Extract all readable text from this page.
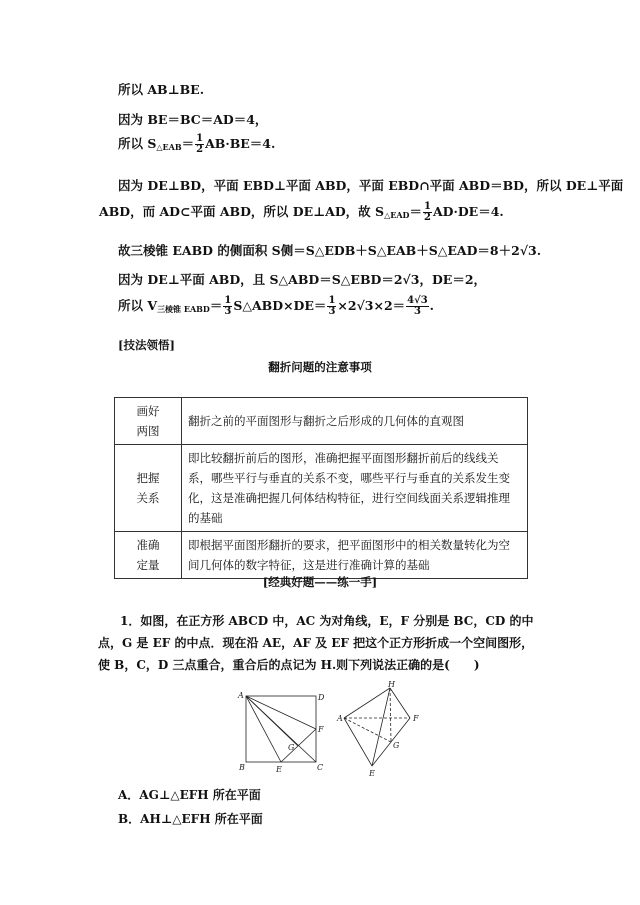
所以 AB⊥BE.
因为 BE＝BC＝AD＝4，
所以 $S_{\triangle EAB}= \frac{1}{2} AB\cdot BE=4$.
因为 DE⊥BD，平面 EBD⊥平面 ABD，平面 EBD∩平面 ABD＝BD，所以 DE⊥平面
ABD，而 AD⊂平面 ABD，所以 DE⊥AD，故 $S_{\triangle EAD}= \frac{1}{2} AD\cdot DE=4$.
故三棱锥 EABD 的侧面积 S侧＝S△EDB＋S△EAB＋S△EAD＝8＋2√3.
因为 DE⊥平面 ABD，且 S△ABD＝S△EBD＝2√3，DE＝2，
所以 $V_{三棱锥 EABD}= \frac{1}{3}$ S△ABD×DE＝ $\frac{1}{3} \times 2√3\times 2= \frac{4√3}{3}$ .
[技法领悟]
翻折问题的注意事项
画好
两图	翻折之前的平面图形与翻折之后形成的几何体的直观图
把握
关系	即比较翻折前后的图形，准确把握平面图形翻折前后的线线关系，哪些平行与垂直的关系不变，哪些平行与垂直的关系发生变化，这是准确把握几何体结构特征，进行空间线面关系逻辑推理的基础
准确
定量	即根据平面图形翻折的要求，把平面图形中的相关数量转化为空间几何体的数字特征，这是进行准确计算的基础
[经典好题——练一手]
1．如图，在正方形 ABCD 中，AC 为对角线，E，F 分别是 BC，CD 的中点，G 是 EF 的中点．现在沿 AE，AF 及 EF 把这个正方形折成一个空间图形，使 B，C，D 三点重合，重合后的点记为 H.则下列说法正确的是(　　)
A	D
B	C
E
F
G
A
H
F
G
E
A．AG⊥△EFH 所在平面
B．AH⊥△EFH 所在平面
